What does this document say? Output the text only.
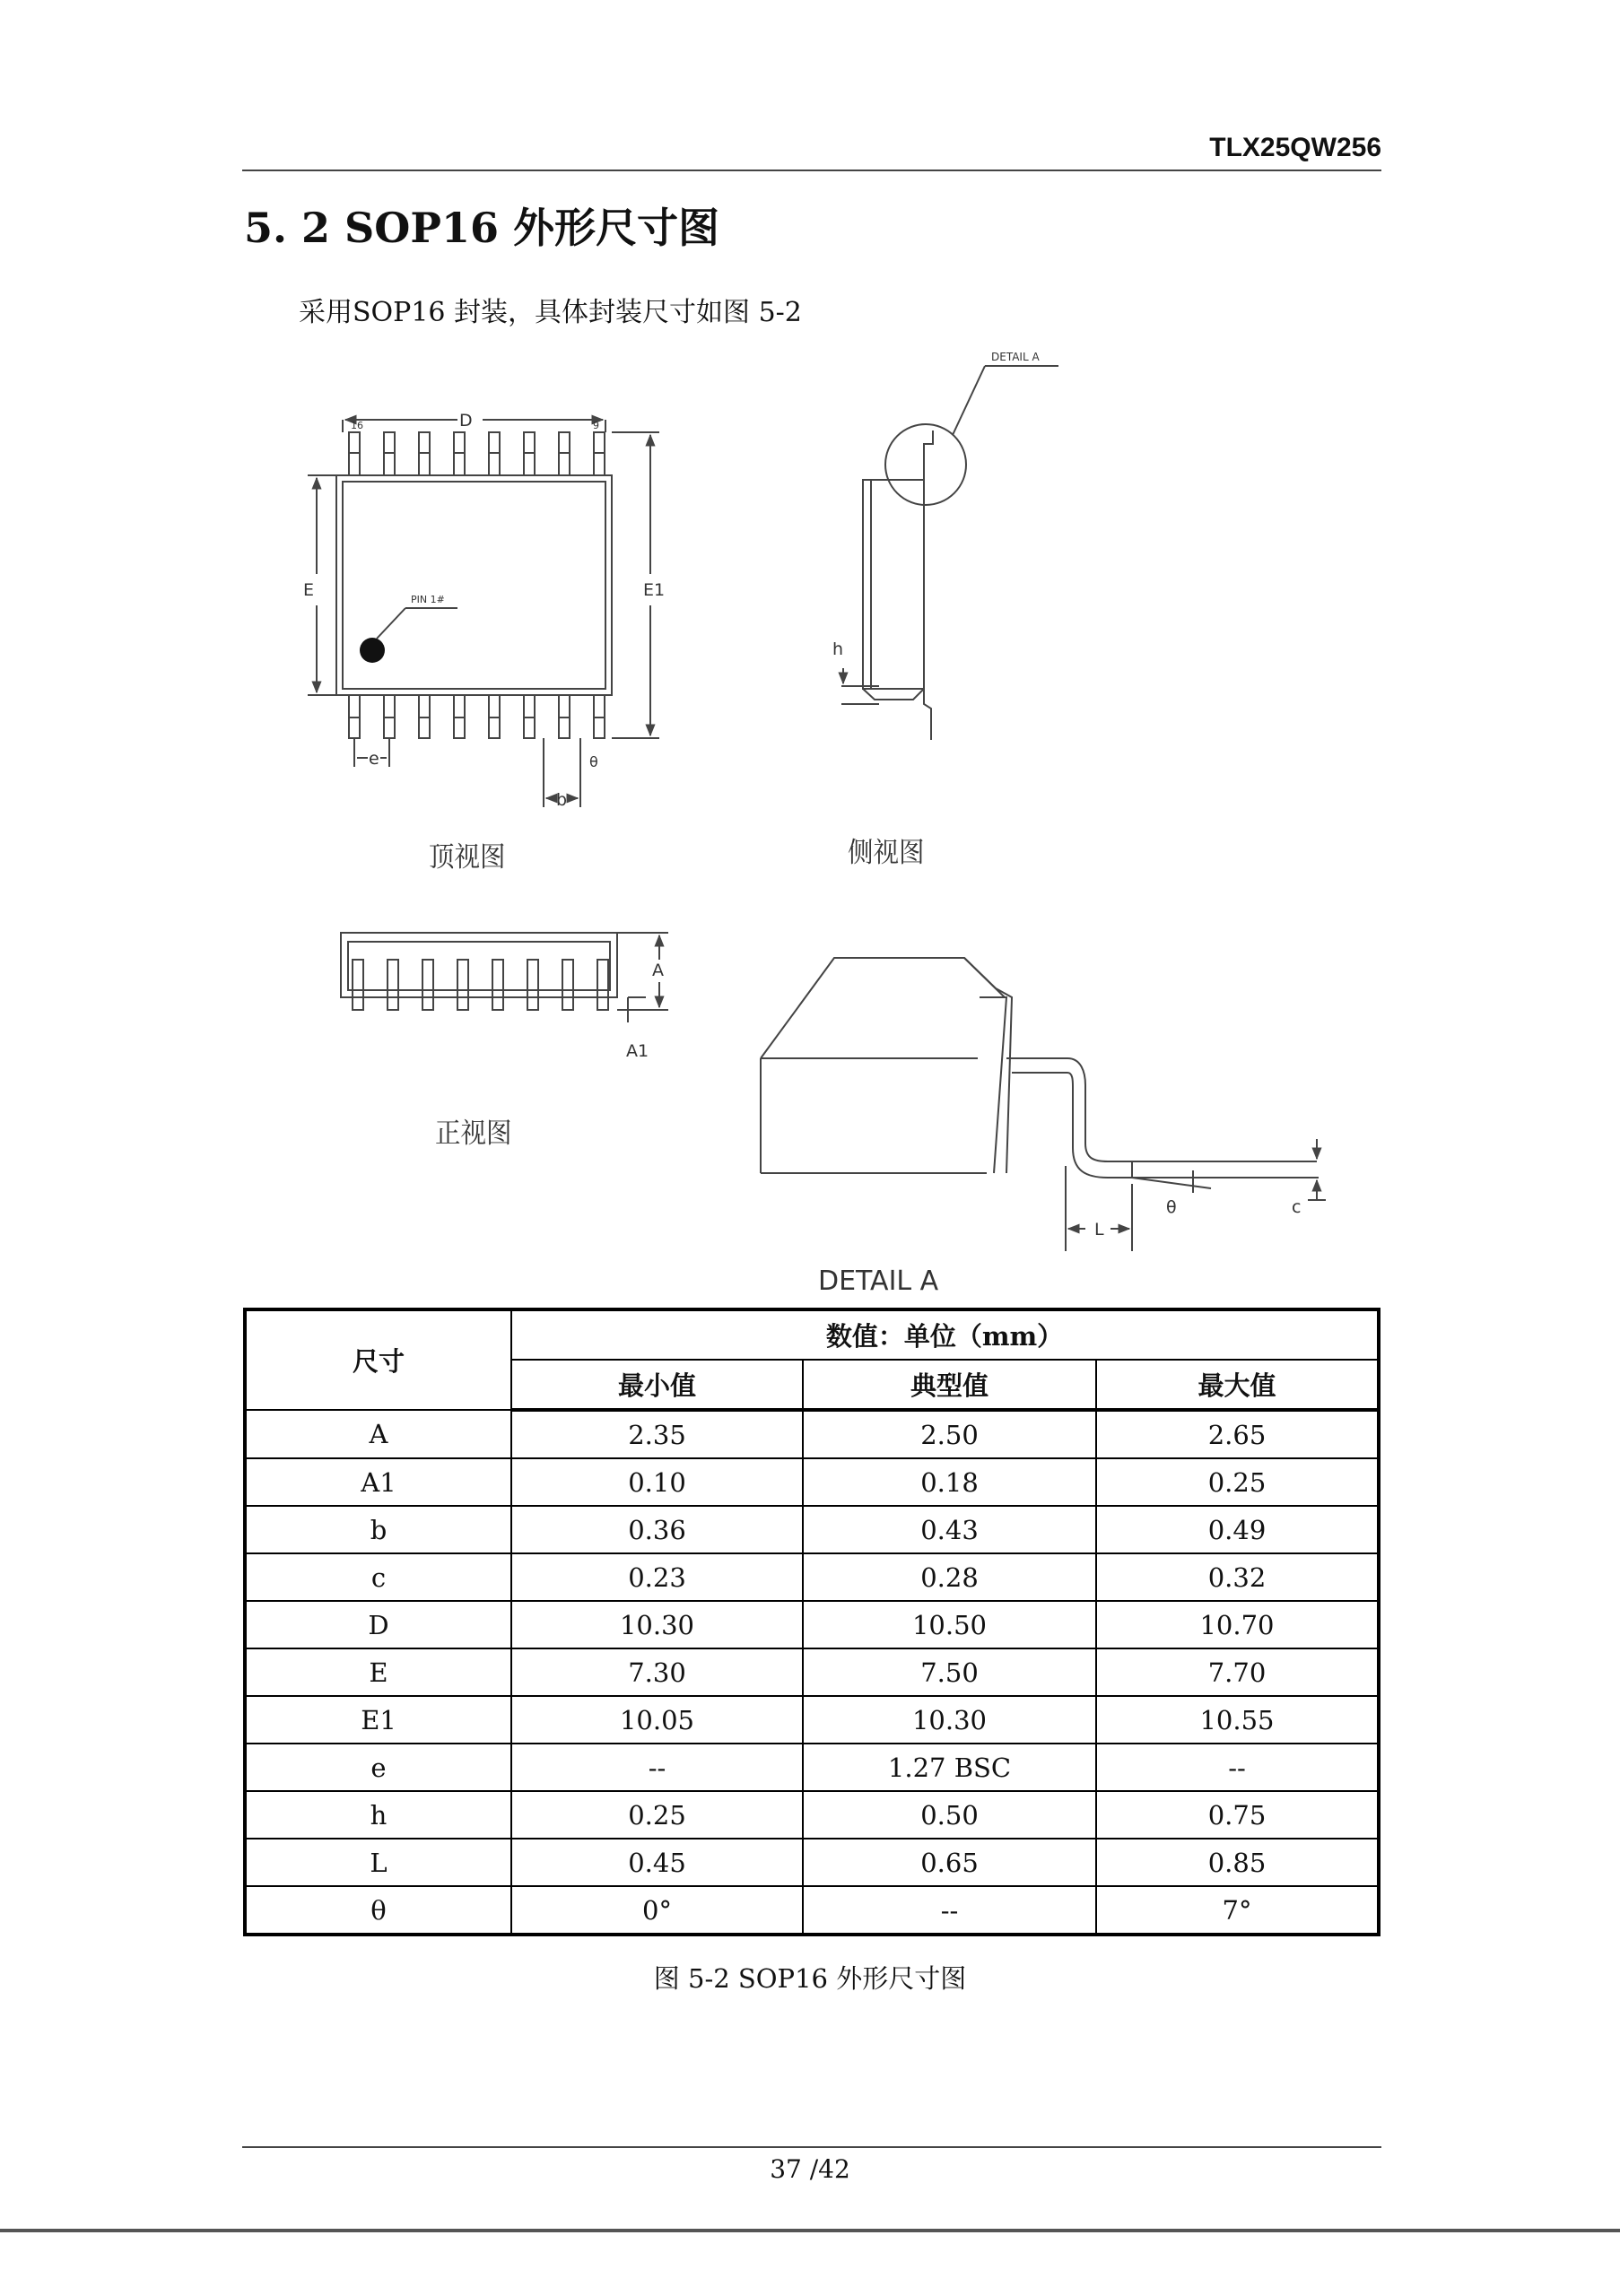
TLX25QW256
5. 2 SOP16 外形尺寸图
采用SOP16 封装，具体封装尺寸如图 5-2
D
E	E1
e
b
θ
16	9
PIN 1#
DETAIL A
h
A
A1
L
θ	c
DETAIL A
顶视图	侧视图
正视图
尺寸	数值：单位（mm）		
	最小值	典型值	最大值
A	2.35	2.50	2.65
A1	0.10	0.18	0.25
b	0.36	0.43	0.49
c	0.23	0.28	0.32
D	10.30	10.50	10.70
E	7.30	7.50	7.70
E1	10.05	10.30	10.55
e	--	1.27 BSC	--
h	0.25	0.50	0.75
L	0.45	0.65	0.85
θ	0°	--	7°
图 5-2 SOP16 外形尺寸图
37 /42
